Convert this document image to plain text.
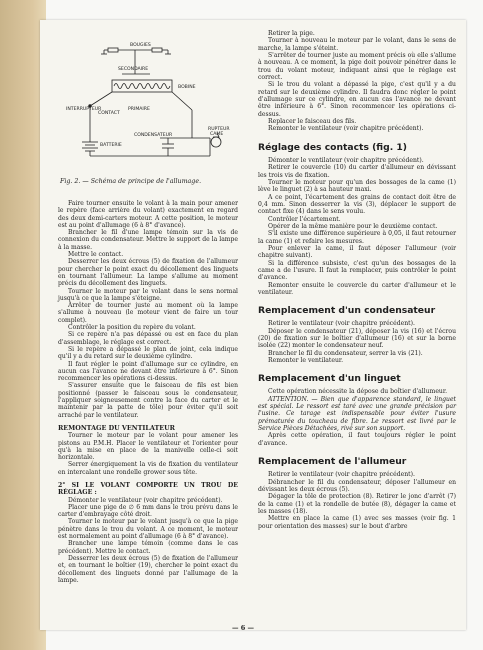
BOUGIES
SECONDAIRE
BOBINE
INTERRUPTEUR
CONTACT
PRIMAIRE
BATTERIE
CONDENSATEUR
RUPTEUR
CAME
Fig. 2. — Schéma de principe de l'allumage.

Faire tourner ensuite le volant à la main pour amener le repère (face arrière du volant) exactement en regard des deux demi-carters moteur. A cette position, le moteur est au point d'allumage (6 à 8° d'avance).

Brancher le fil d'une lampe témoin sur la vis de connexion du condensateur. Mettre le support de la lampe à la masse.

Mettre le contact.

Desserrer les deux écrous (5) de fixation de l'allumeur pour chercher le point exact du décollement des linguets en tournant l'allumeur. La lampe s'allume au moment précis du décollement des linguets.

Tourner le moteur par le volant dans le sens normal jusqu'à ce que la lampe s'éteigne.

Arrêter de tourner juste au moment où la lampe s'allume à nouveau (le moteur vient de faire un tour complet).

Contrôler la position du repère du volant.

Si ce repère n'a pas dépassé ou est en face du plan d'assemblage, le réglage est correct.

Si le repère a dépassé le plan de joint, cela indique qu'il y a du retard sur le deuxième cylindre.

Il faut régler le point d'allumage sur ce cylindre, en aucun cas l'avance ne devant être inférieure à 6°. Sinon recommencer les opérations ci-dessus.

S'assurer ensuite que le faisceau de fils est bien positionné (passer le faisceau sous le condensateur, l'appliquer soigneusement contre la face du carter et le maintenir par la patte de tôle) pour éviter qu'il soit arraché par le ventilateur.

REMONTAGE DU VENTILATEUR

Tourner le moteur par le volant pour amener les pistons au P.M.H. Placer le ventilateur et l'orienter pour qu'à la mise en place de la manivelle celle-ci soit horizontale.

Serrer énergiquement la vis de fixation du ventilateur en intercalant une rondelle grower sous tête.

2° SI LE VOLANT COMPORTE UN TROU DE RÉGLAGE :

Démonter le ventilateur (voir chapitre précédent).

Placer une pige de ∅ 6 mm dans le trou prévu dans le carter d'embrayage côté droit.

Tourner le moteur par le volant jusqu'à ce que la pige pénètre dans le trou du volant. A ce moment, le moteur est normalement au point d'allumage (6 à 8° d'avance).

Brancher une lampe témoin (comme dans le cas précédent). Mettre le contact.

Desserrer les deux écrous (5) de fixation de l'allumeur et, en tournant le boîtier (19), chercher le point exact du décollement des linguets donné par l'allumage de la lampe.

Retirer la pige.

Tourner à nouveau le moteur par le volant, dans le sens de marche, la lampe s'éteint.

S'arrêter de tourner juste au moment précis où elle s'allume à nouveau. A ce moment, la pige doit pouvoir pénétrer dans le trou du volant moteur, indiquant ainsi que le réglage est correct.

Si le trou du volant a dépassé la pige, c'est qu'il y a du retard sur le deuxième cylindre. Il faudra donc régler le point d'allumage sur ce cylindre, en aucun cas l'avance ne devant être inférieure à 6°. Sinon recommencer les opérations ci-dessus.

Replacer le faisceau des fils.

Remonter le ventilateur (voir chapitre précédent).

Réglage des contacts (fig. 1)

Démonter le ventilateur (voir chapitre précédent).

Retirer le couvercle (10) du carter d'allumeur en dévissant les trois vis de fixation.

Tourner le moteur pour qu'un des bossages de la came (1) lève le linguet (2) à sa hauteur maxi.

A ce point, l'écartement des grains de contact doit être de 0,4 mm. Sinon desserrer la vis (3), déplacer le support de contact fixe (4) dans le sens voulu.

Contrôler l'écartement.

Opérer de la même manière pour le deuxième contact.

S'il existe une différence supérieure à 0,05, il faut retourner la came (1) et refaire les mesures.

Pour enlever la came, il faut déposer l'allumeur (voir chapitre suivant).

Si la différence subsiste, c'est qu'un des bossages de la came a de l'usure. Il faut la remplacer, puis contrôler le point d'avance.

Remonter ensuite le couvercle du carter d'allumeur et le ventilateur.

Remplacement d'un condensateur

Retirer le ventilateur (voir chapitre précédent).

Déposer le condensateur (21), déposer la vis (16) et l'écrou (20) de fixation sur le boîtier d'allumeur (16) et sur la borne isolée (22) monter le condensateur neuf.

Brancher le fil du condensateur, serrer la vis (21).

Remonter le ventilateur.

Remplacement d'un linguet

Cette opération nécessite la dépose du boîtier d'allumeur.

ATTENTION. — Bien que d'apparence standard, le linguet est spécial. Le ressort est taré avec une grande précision par l'usine. Ce tarage est indispensable pour éviter l'usure prématurée du toucheau de fibre. Le ressort est livré par le Service Pièces Détachées, rivé sur son support.

Après cette opération, il faut toujours régler le point d'avance.

Remplacement de l'allumeur

Retirer le ventilateur (voir chapitre précédent).

Débrancher le fil du condensateur, déposer l'allumeur en dévissant les deux écrous (5).

Dégager la tôle de protection (8). Retirer le jonc d'arrêt (7) de la came (1) et la rondelle de butée (8), dégager la came et les masses (18).

Mettre en place la came (1) avec ses masses (voir fig. 1 pour orientation des masses) sur le bout d'arbre

— 6 —
